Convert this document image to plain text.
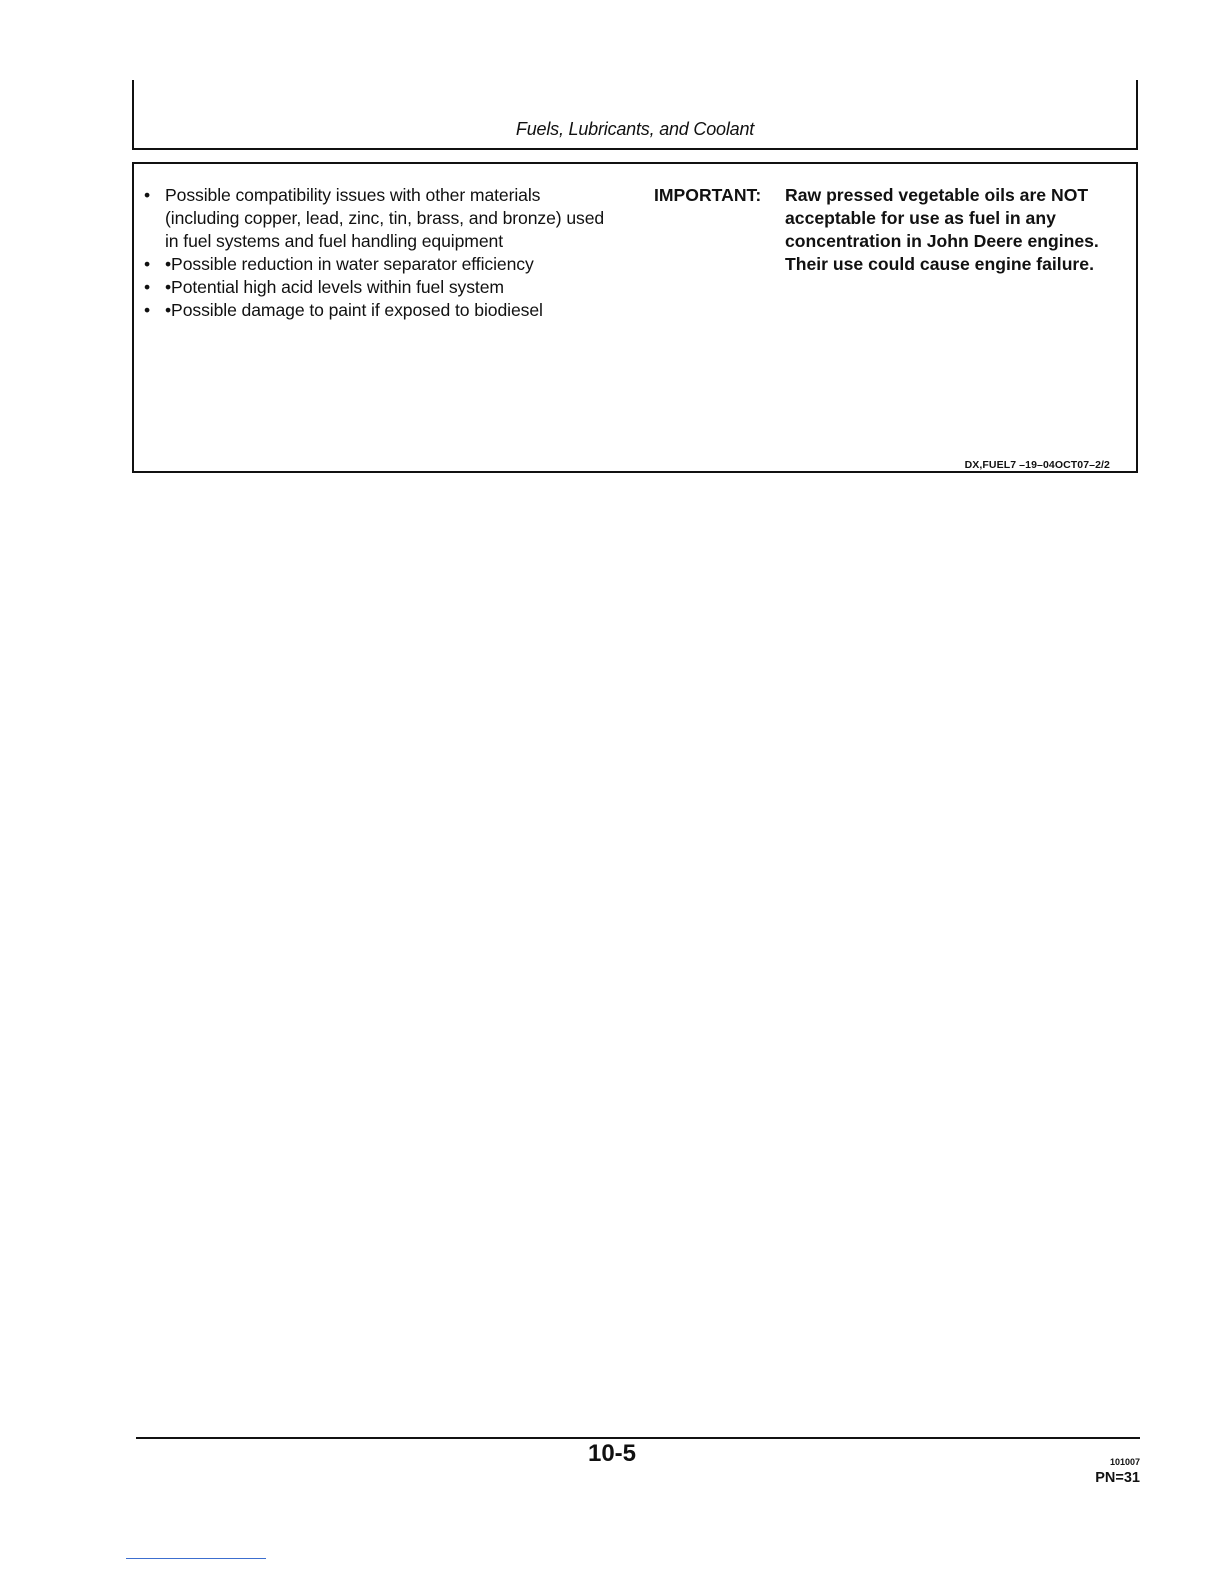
Fuels, Lubricants, and Coolant
• Possible compatibility issues with other materials (including copper, lead, zinc, tin, brass, and bronze) used in fuel systems and fuel handling equipment
• •Possible reduction in water separator efficiency
• •Potential high acid levels within fuel system
• •Possible damage to paint if exposed to biodiesel
IMPORTANT: Raw pressed vegetable oils are NOT acceptable for use as fuel in any concentration in John Deere engines. Their use could cause engine failure.
DX,FUEL7 –19–04OCT07–2/2
10-5	101007
PN=31
